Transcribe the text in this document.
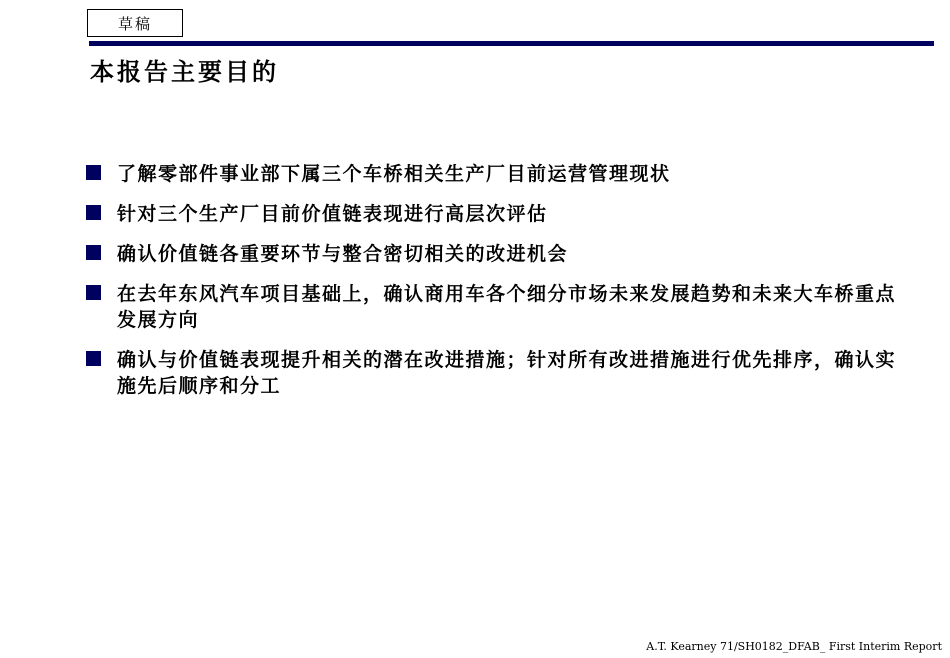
草稿
本报告主要目的
了解零部件事业部下属三个车桥相关生产厂目前运营管理现状
针对三个生产厂目前价值链表现进行高层次评估
确认价值链各重要环节与整合密切相关的改进机会
在去年东风汽车项目基础上，确认商用车各个细分市场未来发展趋势和未来大车桥重点发展方向
确认与价值链表现提升相关的潜在改进措施；针对所有改进措施进行优先排序，确认实施先后顺序和分工
A.T. Kearney 71/SH0182_DFAB_ First Interim Report
